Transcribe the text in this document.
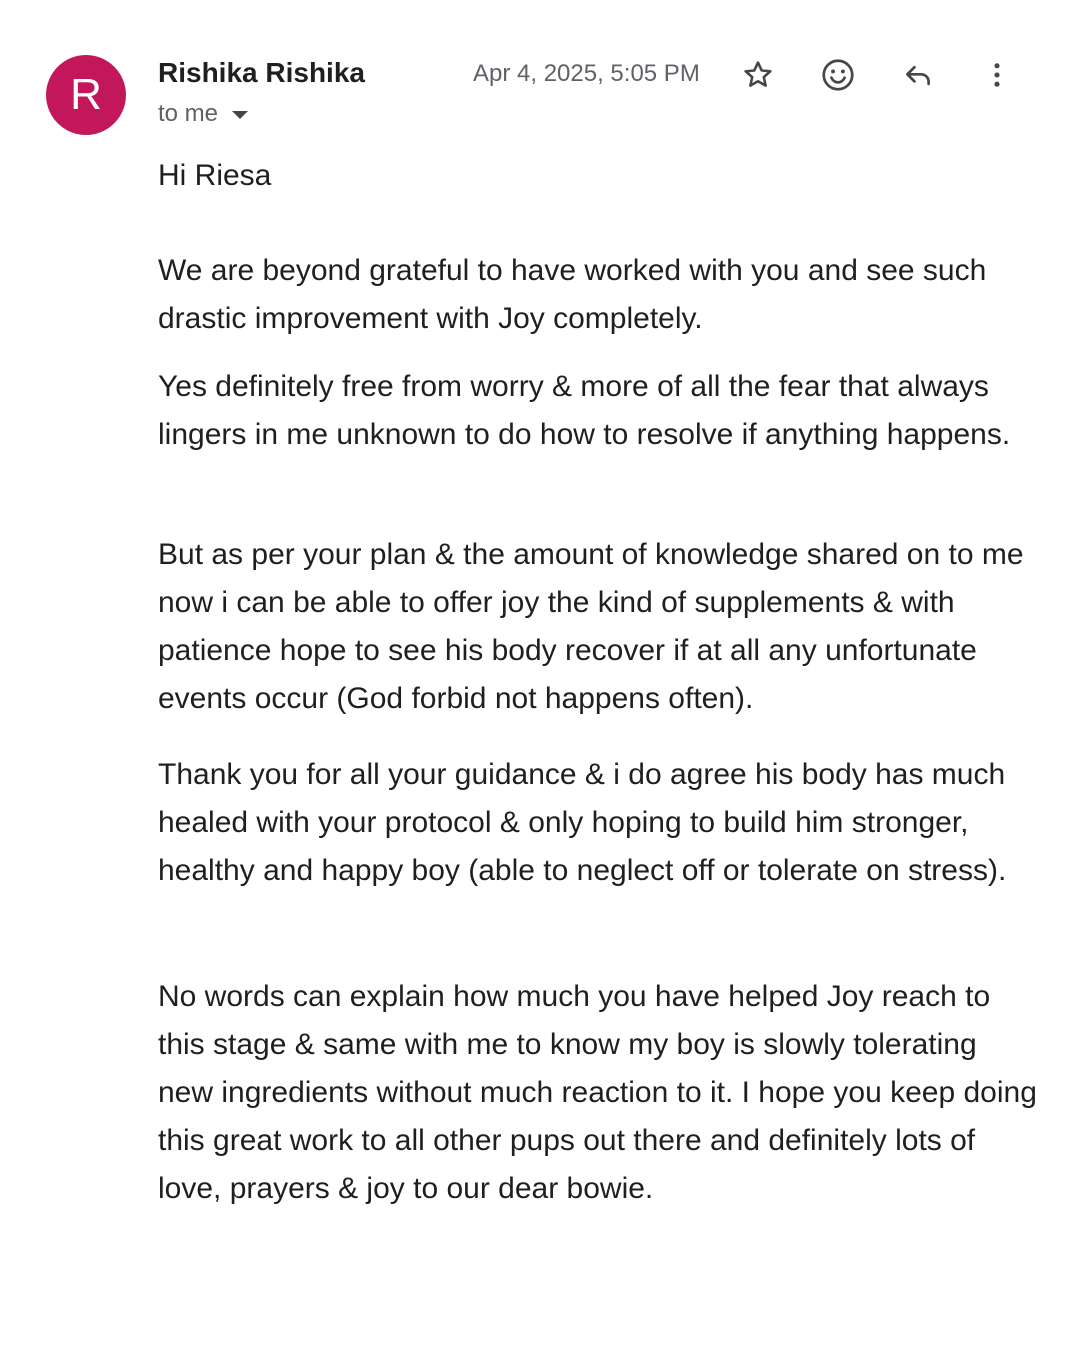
R Rishika Rishika
to me
Apr 4, 2025, 5:05 PM
Hi Riesa

We are beyond grateful to have worked with you and see such drastic improvement with Joy completely.

Yes definitely free from worry & more of all the fear that always lingers in me unknown to do how to resolve if anything happens.

But as per your plan & the amount of knowledge shared on to me now i can be able to offer joy the kind of supplements & with patience hope to see his body recover if at all any unfortunate events occur (God forbid not happens often).

Thank you for all your guidance & i do agree his body has much healed with your protocol & only hoping to build him stronger, healthy and happy boy (able to neglect off or tolerate on stress).

No words can explain how much you have helped Joy reach to this stage & same with me to know my boy is slowly tolerating new ingredients without much reaction to it. I hope you keep doing this great work to all other pups out there and definitely lots of love, prayers & joy to our dear bowie.
